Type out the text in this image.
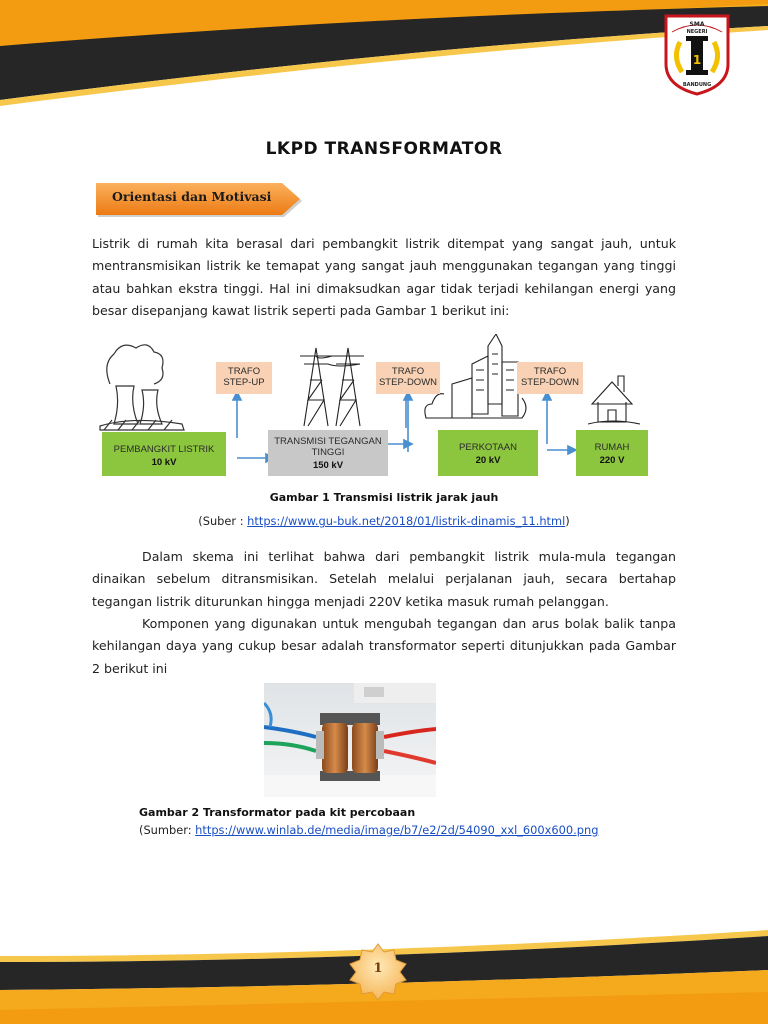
SMA
NEGERI
1
BANDUNG
LKPD TRANSFORMATOR
Orientasi dan Motivasi
Listrik di rumah kita berasal dari pembangkit listrik ditempat yang sangat jauh, untuk mentransmisikan listrik ke temapat yang sangat jauh menggunakan tegangan yang tinggi atau bahkan ekstra tinggi. Hal ini dimaksudkan agar tidak terjadi kehilangan energi yang besar disepanjang kawat listrik seperti pada Gambar 1 berikut ini:
TRAFO
STEP-UP
TRAFO
STEP-DOWN
TRAFO
STEP-DOWN
PEMBANGKIT LISTRIK
10 kV
TRANSMISI TEGANGAN
TINGGI
150 kV
PERKOTAAN
20 kV
RUMAH
220 V
Gambar 1 Transmisi listrik jarak jauh
(Suber : https://www.gu-buk.net/2018/01/listrik-dinamis_11.html)
Dalam skema ini terlihat bahwa dari pembangkit listrik mula-mula tegangan dinaikan sebelum ditransmisikan. Setelah melalui perjalanan jauh, secara bertahap tegangan listrik diturunkan hingga menjadi 220V ketika masuk rumah pelanggan.
Komponen yang digunakan untuk mengubah tegangan dan arus bolak balik tanpa kehilangan daya yang cukup besar adalah transformator seperti ditunjukkan pada Gambar 2 berikut ini
Gambar 2 Transformator pada kit percobaan
(Sumber: https://www.winlab.de/media/image/b7/e2/2d/54090_xxl_600x600.png
1
